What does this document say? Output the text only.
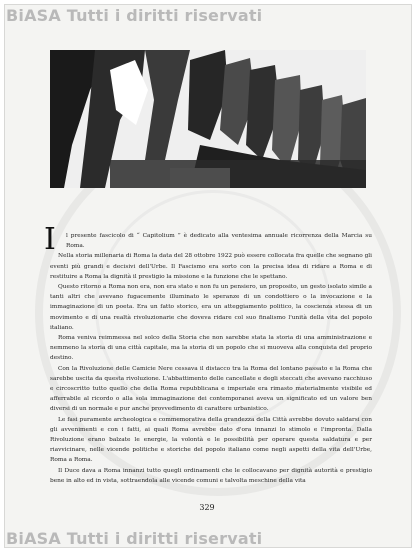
BiASA Tutti i diritti riservati
I	l presente fascicolo di “ Capitolium ” è dedicato alla ventesima annuale ricorrenza della Marcia su Roma.

Nella storia millenaria di Roma la data del 28 ottobre 1922 può essere collocata fra quelle che segnano gli eventi più grandi e decisivi dell'Urbe. Il Fascismo era sorto con la precisa idea di ridare a Roma e di restituire a Roma la dignità il prestigio la missione e la funzione che le spettano.

Questo ritorno a Roma non era, non era stato e non fu un pensiero, un proposito, un gesto isolato simile a tanti altri che avevano fugacemente illuminato le speranze di un condottiero o la invocazione e la immaginazione di un poeta. Era un fatto storico, era un atteggiamento politico, la coscienza stessa di un movimento e di una realtà rivoluzionarie che doveva ridare col suo finalismo l'unità della vita del popolo italiano.

Roma veniva reimmessa nel solco della Storia che non sarebbe stata la storia di una amministrazione e nemmeno la storia di una città capitale, ma la storia di un popolo che si muoveva alla conquista del proprio destino.

Con la Rivoluzione delle Camicie Nere cessava il distacco tra la Roma del lontano passato e la Roma che sarebbe uscita da questa rivoluzione. L'abbattimento delle cancellate e degli steccati che avevano racchiuso e circoscritto tutto quello che della Roma repubblicana e imperiale era rimasto materialmente visibile ed afferrabile al ricordo o alla sola immaginazione dei contemporanei aveva un significato ed un valore ben diversi di un normale e pur anche provvedimento di carattere urbanistico.

Le fasi puramente archeologica e commemorativa della grandezza della Città avrebbe dovuto saldarsi con gli avvenimenti e con i fatti, ai quali Roma avrebbe dato d'ora innanzi lo stimolo e l'impronta. Dalla Rivoluzione erano balzate le energie, la volontà e le possibilità per operare questa saldatura e per riavvicinare, nelle vicende politiche e storiche del popolo italiano come negli aspetti della vita dell'Urbe, Roma a Roma.

Il Duce dava a Roma innanzi tutto quegli ordinamenti che le collocavano per dignità autorità e prestigio bene in alto ed in vista, sottraendola alle vicende comuni e talvolta meschine della vita

329
BiASA Tutti i diritti riservati
